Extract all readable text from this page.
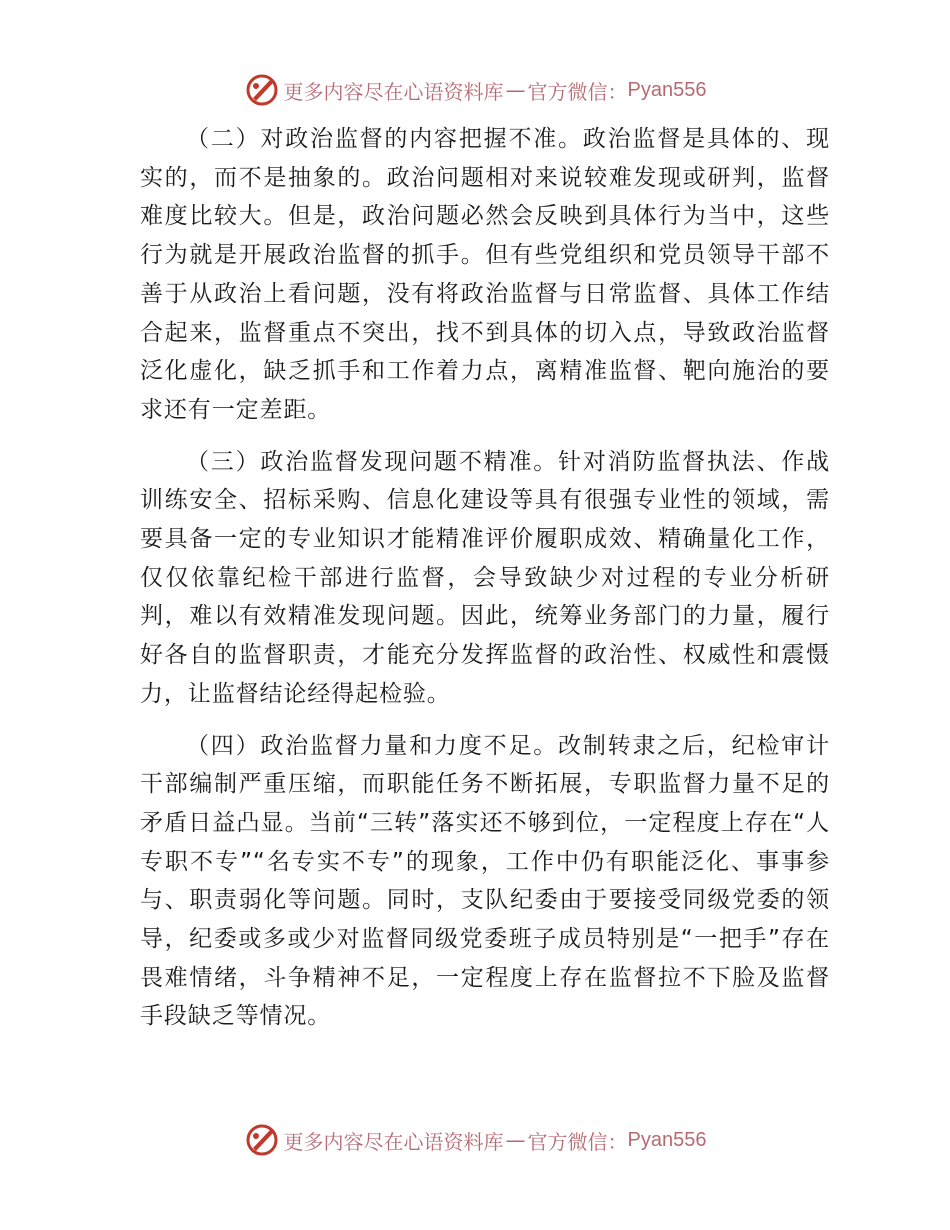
更多内容尽在心语资料库 — 官方微信： Pyan556

（二）对政治监督的内容把握不准。政治监督是具体的、现实的，而不是抽象的。政治问题相对来说较难发现或研判，监督难度比较大。但是，政治问题必然会反映到具体行为当中，这些行为就是开展政治监督的抓手。但有些党组织和党员领导干部不善于从政治上看问题，没有将政治监督与日常监督、具体工作结合起来，监督重点不突出，找不到具体的切入点，导致政治监督泛化虚化，缺乏抓手和工作着力点，离精准监督、靶向施治的要求还有一定差距。

（三）政治监督发现问题不精准。针对消防监督执法、作战训练安全、招标采购、信息化建设等具有很强专业性的领域，需要具备一定的专业知识才能精准评价履职成效、精确量化工作，仅仅依靠纪检干部进行监督，会导致缺少对过程的专业分析研判，难以有效精准发现问题。因此，统筹业务部门的力量，履行好各自的监督职责，才能充分发挥监督的政治性、权威性和震慑力，让监督结论经得起检验。

（四）政治监督力量和力度不足。改制转隶之后，纪检审计干部编制严重压缩，而职能任务不断拓展，专职监督力量不足的矛盾日益凸显。当前“三转”落实还不够到位，一定程度上存在“人专职不专”“名专实不专”的现象，工作中仍有职能泛化、事事参与、职责弱化等问题。同时，支队纪委由于要接受同级党委的领导，纪委或多或少对监督同级党委班子成员特别是“一把手”存在畏难情绪，斗争精神不足，一定程度上存在监督拉不下脸及监督手段缺乏等情况。

更多内容尽在心语资料库 — 官方微信： Pyan556
